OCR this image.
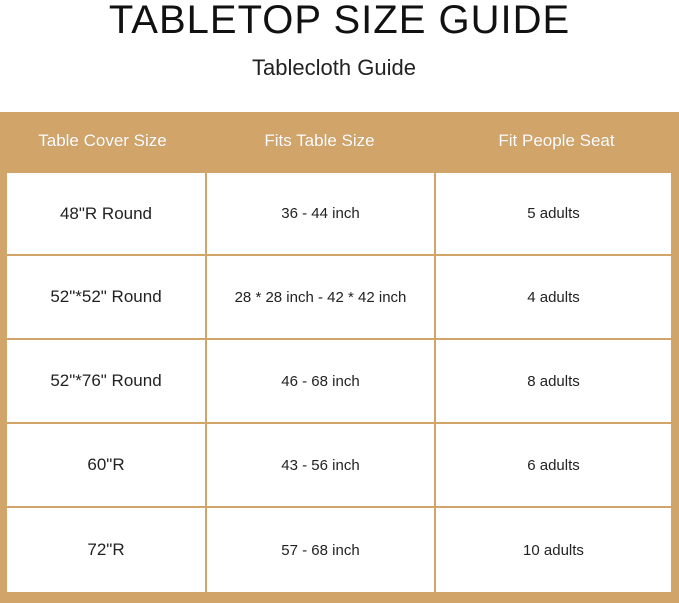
TABLETOP SIZE GUIDE
Tablecloth Guide
Table Cover Size	Fits Table Size	Fit People Seat
48"R Round	36 - 44 inch	5 adults
52"*52" Round	28 * 28 inch - 42 * 42 inch	4 adults
52"*76" Round	46 - 68 inch	8 adults
60"R	43 - 56 inch	6 adults
72"R	57 - 68 inch	10 adults
